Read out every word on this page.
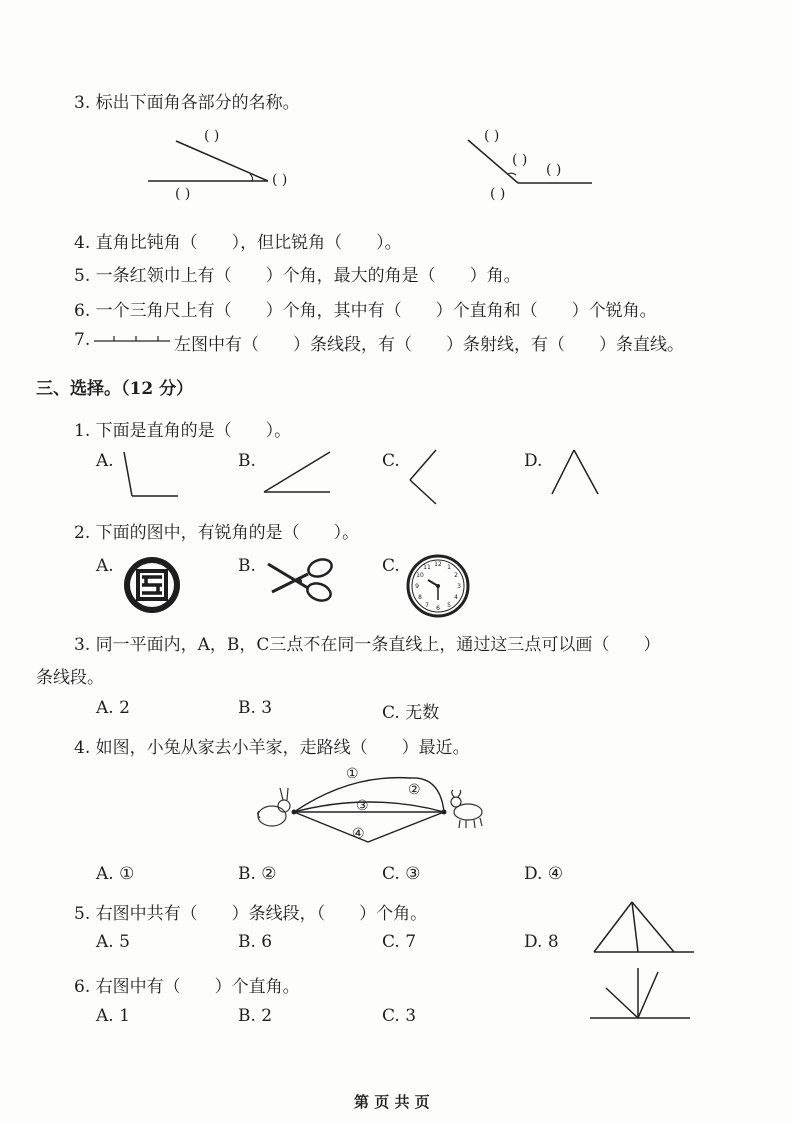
3. 标出下面角各部分的名称。
( )
( )
( )
( )
( )
( )
( )
4. 直角比钝角（　　），但比锐角（　　）。
5. 一条红领巾上有（　　）个角，最大的角是（　　）角。
6. 一个三角尺上有（　　）个角，其中有（　　）个直角和（　　）个锐角。
7.	左图中有（　　）条线段，有（　　）条射线，有（　　）条直线。
三、选择。（12 分）
1. 下面是直角的是（　　）。
A.	B.	C.	D.
2. 下面的图中，有锐角的是（　　）。
A.	B.	C.	12 1
2
3
4
5
6
7
8
9
10
11
3. 同一平面内，A，B，C三点不在同一条直线上，通过这三点可以画（　　）
条线段。
A. 2	B. 3	C. 无数
4. 如图，小兔从家去小羊家，走路线（　　）最近。
①
②
③
④
A. ①	B. ②	C. ③	D. ④
5. 右图中共有（　　）条线段，（　　）个角。
A. 5	B. 6	C. 7	D. 8
6. 右图中有（　　）个直角。
A. 1	B. 2	C. 3
第 页 共 页
